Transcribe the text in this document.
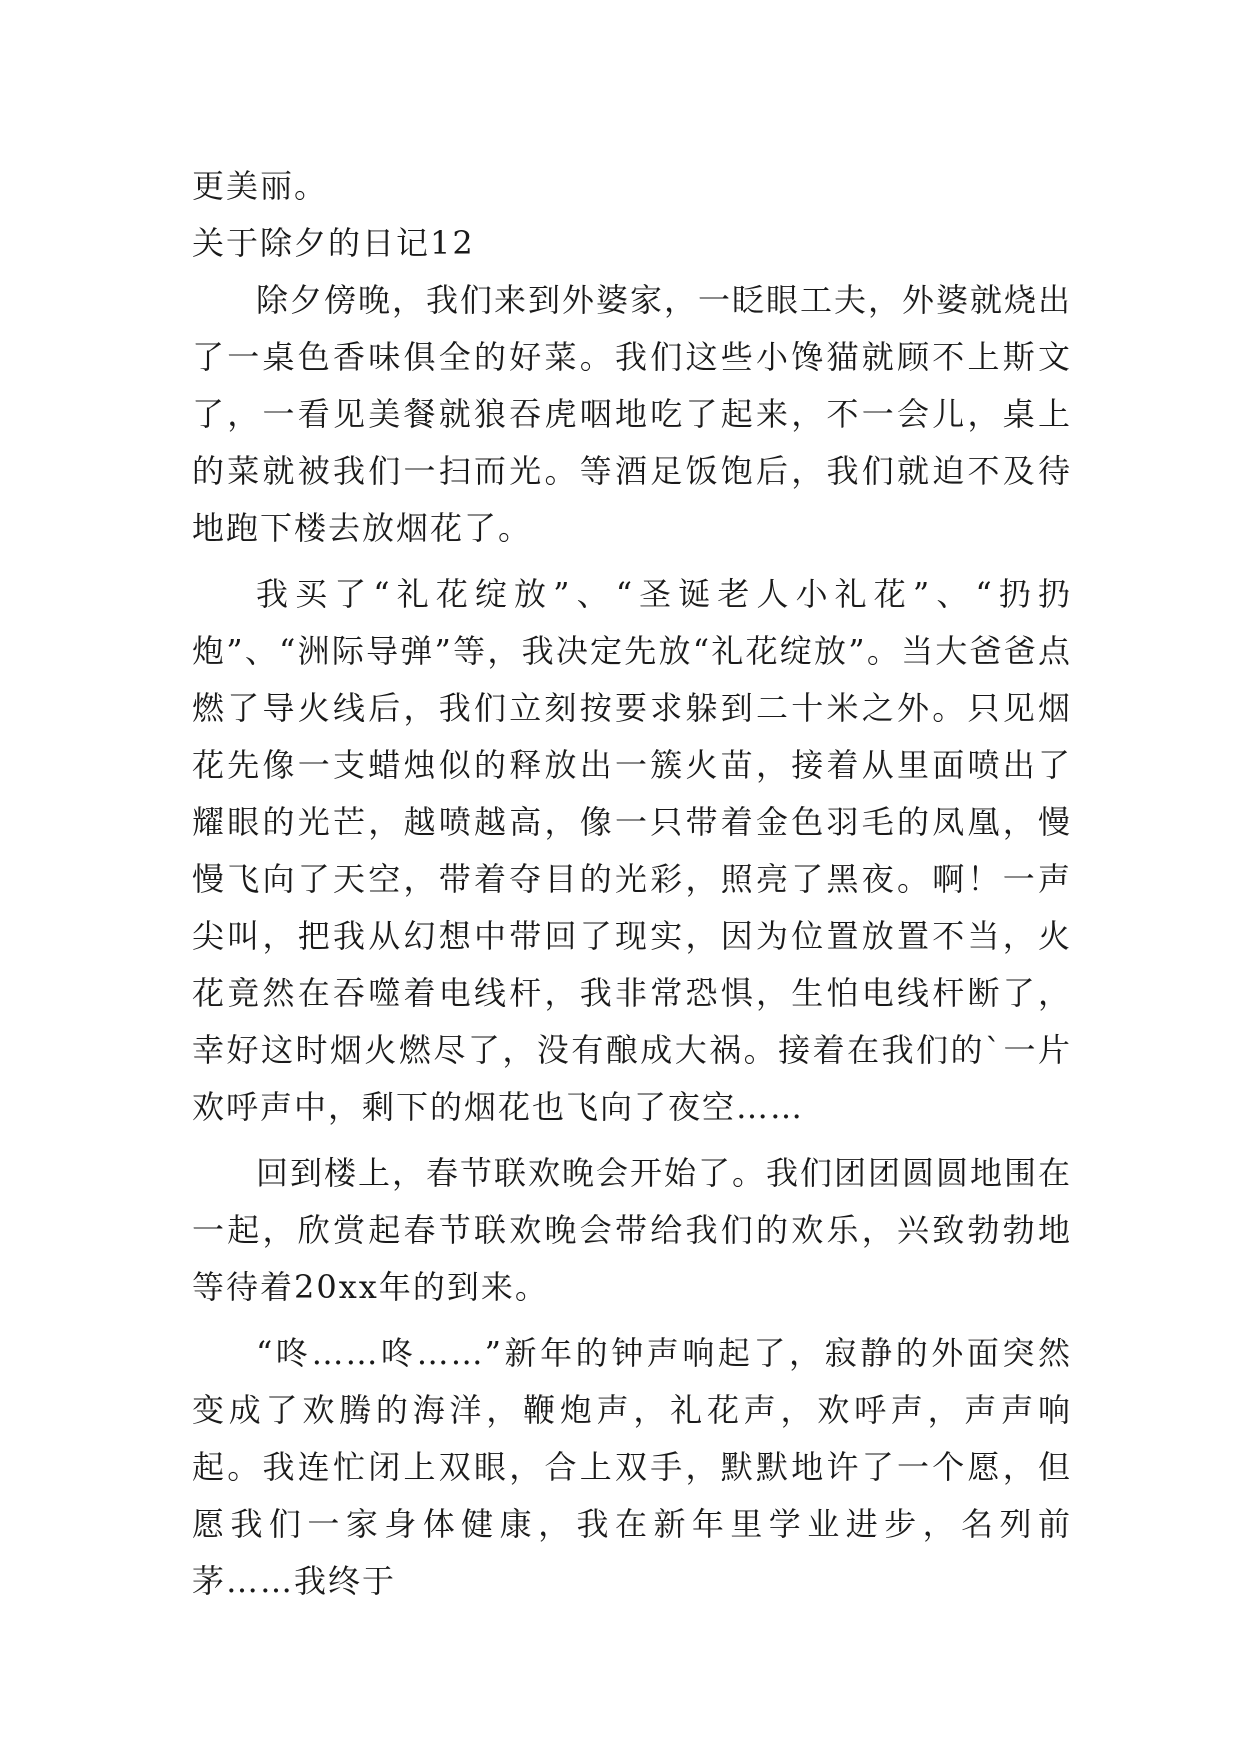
更美丽。
关于除夕的日记12

除夕傍晚，我们来到外婆家，一眨眼工夫，外婆就烧出了一桌色香味俱全的好菜。我们这些小馋猫就顾不上斯文了，一看见美餐就狼吞虎咽地吃了起来，不一会儿，桌上的菜就被我们一扫而光。等酒足饭饱后，我们就迫不及待地跑下楼去放烟花了。

我买了“礼花绽放”、“圣诞老人小礼花”、“扔扔炮”、“洲际导弹”等，我决定先放“礼花绽放”。当大爸爸点燃了导火线后，我们立刻按要求躲到二十米之外。只见烟花先像一支蜡烛似的释放出一簇火苗，接着从里面喷出了耀眼的光芒，越喷越高，像一只带着金色羽毛的凤凰，慢慢飞向了天空，带着夺目的光彩，照亮了黑夜。啊！一声尖叫，把我从幻想中带回了现实，因为位置放置不当，火花竟然在吞噬着电线杆，我非常恐惧，生怕电线杆断了，幸好这时烟火燃尽了，没有酿成大祸。接着在我们的`一片欢呼声中，剩下的烟花也飞向了夜空……

回到楼上，春节联欢晚会开始了。我们团团圆圆地围在一起，欣赏起春节联欢晚会带给我们的欢乐，兴致勃勃地等待着20xx年的到来。

“咚……咚……”新年的钟声响起了，寂静的外面突然变成了欢腾的海洋，鞭炮声，礼花声，欢呼声，声声响起。我连忙闭上双眼，合上双手，默默地许了一个愿，但愿我们一家身体健康，我在新年里学业进步，名列前茅……我终于
